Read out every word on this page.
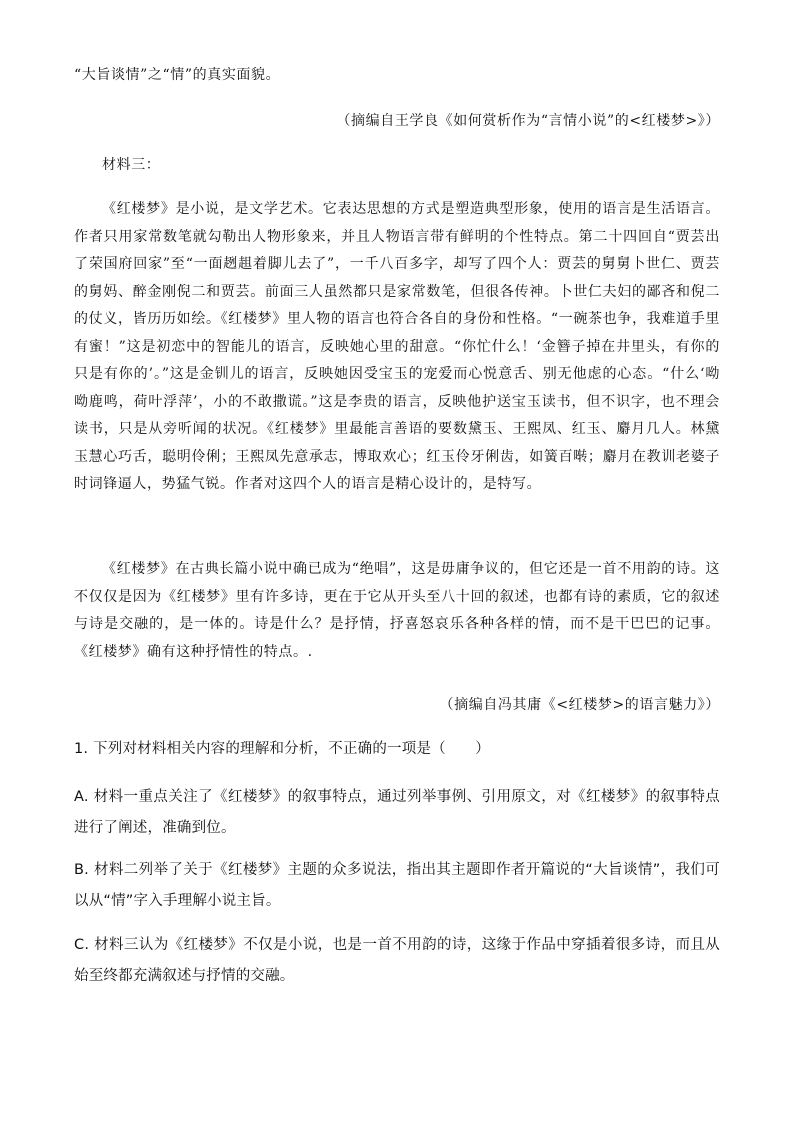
“大旨谈情”之“情”的真实面貌。

（摘编自王学良《如何赏析作为“言情小说”的<红楼梦>》）

材料三：

《红楼梦》是小说，是文学艺术。它表达思想的方式是塑造典型形象，使用的语言是生活语言。作者只用家常数笔就勾勒出人物形象来，并且人物语言带有鲜明的个性特点。第二十四回自“贾芸出了荣国府回家”至“一面趔趄着脚儿去了”，一千八百多字，却写了四个人：贾芸的舅舅卜世仁、贾芸的舅妈、醉金刚倪二和贾芸。前面三人虽然都只是家常数笔，但很各传神。卜世仁夫妇的鄙吝和倪二的仗义，皆历历如绘。《红楼梦》里人物的语言也符合各自的身份和性格。“一碗茶也争，我难道手里有蜜！”这是初恋中的智能儿的语言，反映她心里的甜意。“你忙什么！‘金簪子掉在井里头，有你的只是有你的’。”这是金钏儿的语言，反映她因受宝玉的宠爱而心悦意舌、别无他虑的心态。“什么‘呦呦鹿鸣，荷叶浮萍’，小的不敢撒谎。”这是李贵的语言，反映他护送宝玉读书，但不识字，也不理会读书，只是从旁听闻的状况。《红楼梦》里最能言善语的要数黛玉、王熙凤、红玉、麝月几人。林黛玉慧心巧舌，聪明伶俐；王熙凤先意承志，博取欢心；红玉伶牙俐齿，如簧百啭；麝月在教训老婆子时词锋逼人，势猛气锐。作者对这四个人的语言是精心设计的，是特写。

《红楼梦》在古典长篇小说中确已成为“绝唱”，这是毋庸争议的，但它还是一首不用韵的诗。这不仅仅是因为《红楼梦》里有许多诗，更在于它从开头至八十回的叙述，也都有诗的素质，它的叙述与诗是交融的，是一体的。诗是什么？是抒情，抒喜怒哀乐各种各样的情，而不是干巴巴的记事。《红楼梦》确有这种抒情性的特点。.

（摘编自冯其庸《<红楼梦>的语言魅力》）

1. 下列对材料相关内容的理解和分析，不正确的一项是（　　）

A. 材料一重点关注了《红楼梦》的叙事特点，通过列举事例、引用原文，对《红楼梦》的叙事特点进行了阐述，准确到位。

B. 材料二列举了关于《红楼梦》主题的众多说法，指出其主题即作者开篇说的“大旨谈情”，我们可以从“情”字入手理解小说主旨。

C. 材料三认为《红楼梦》不仅是小说，也是一首不用韵的诗，这缘于作品中穿插着很多诗，而且从始至终都充满叙述与抒情的交融。
